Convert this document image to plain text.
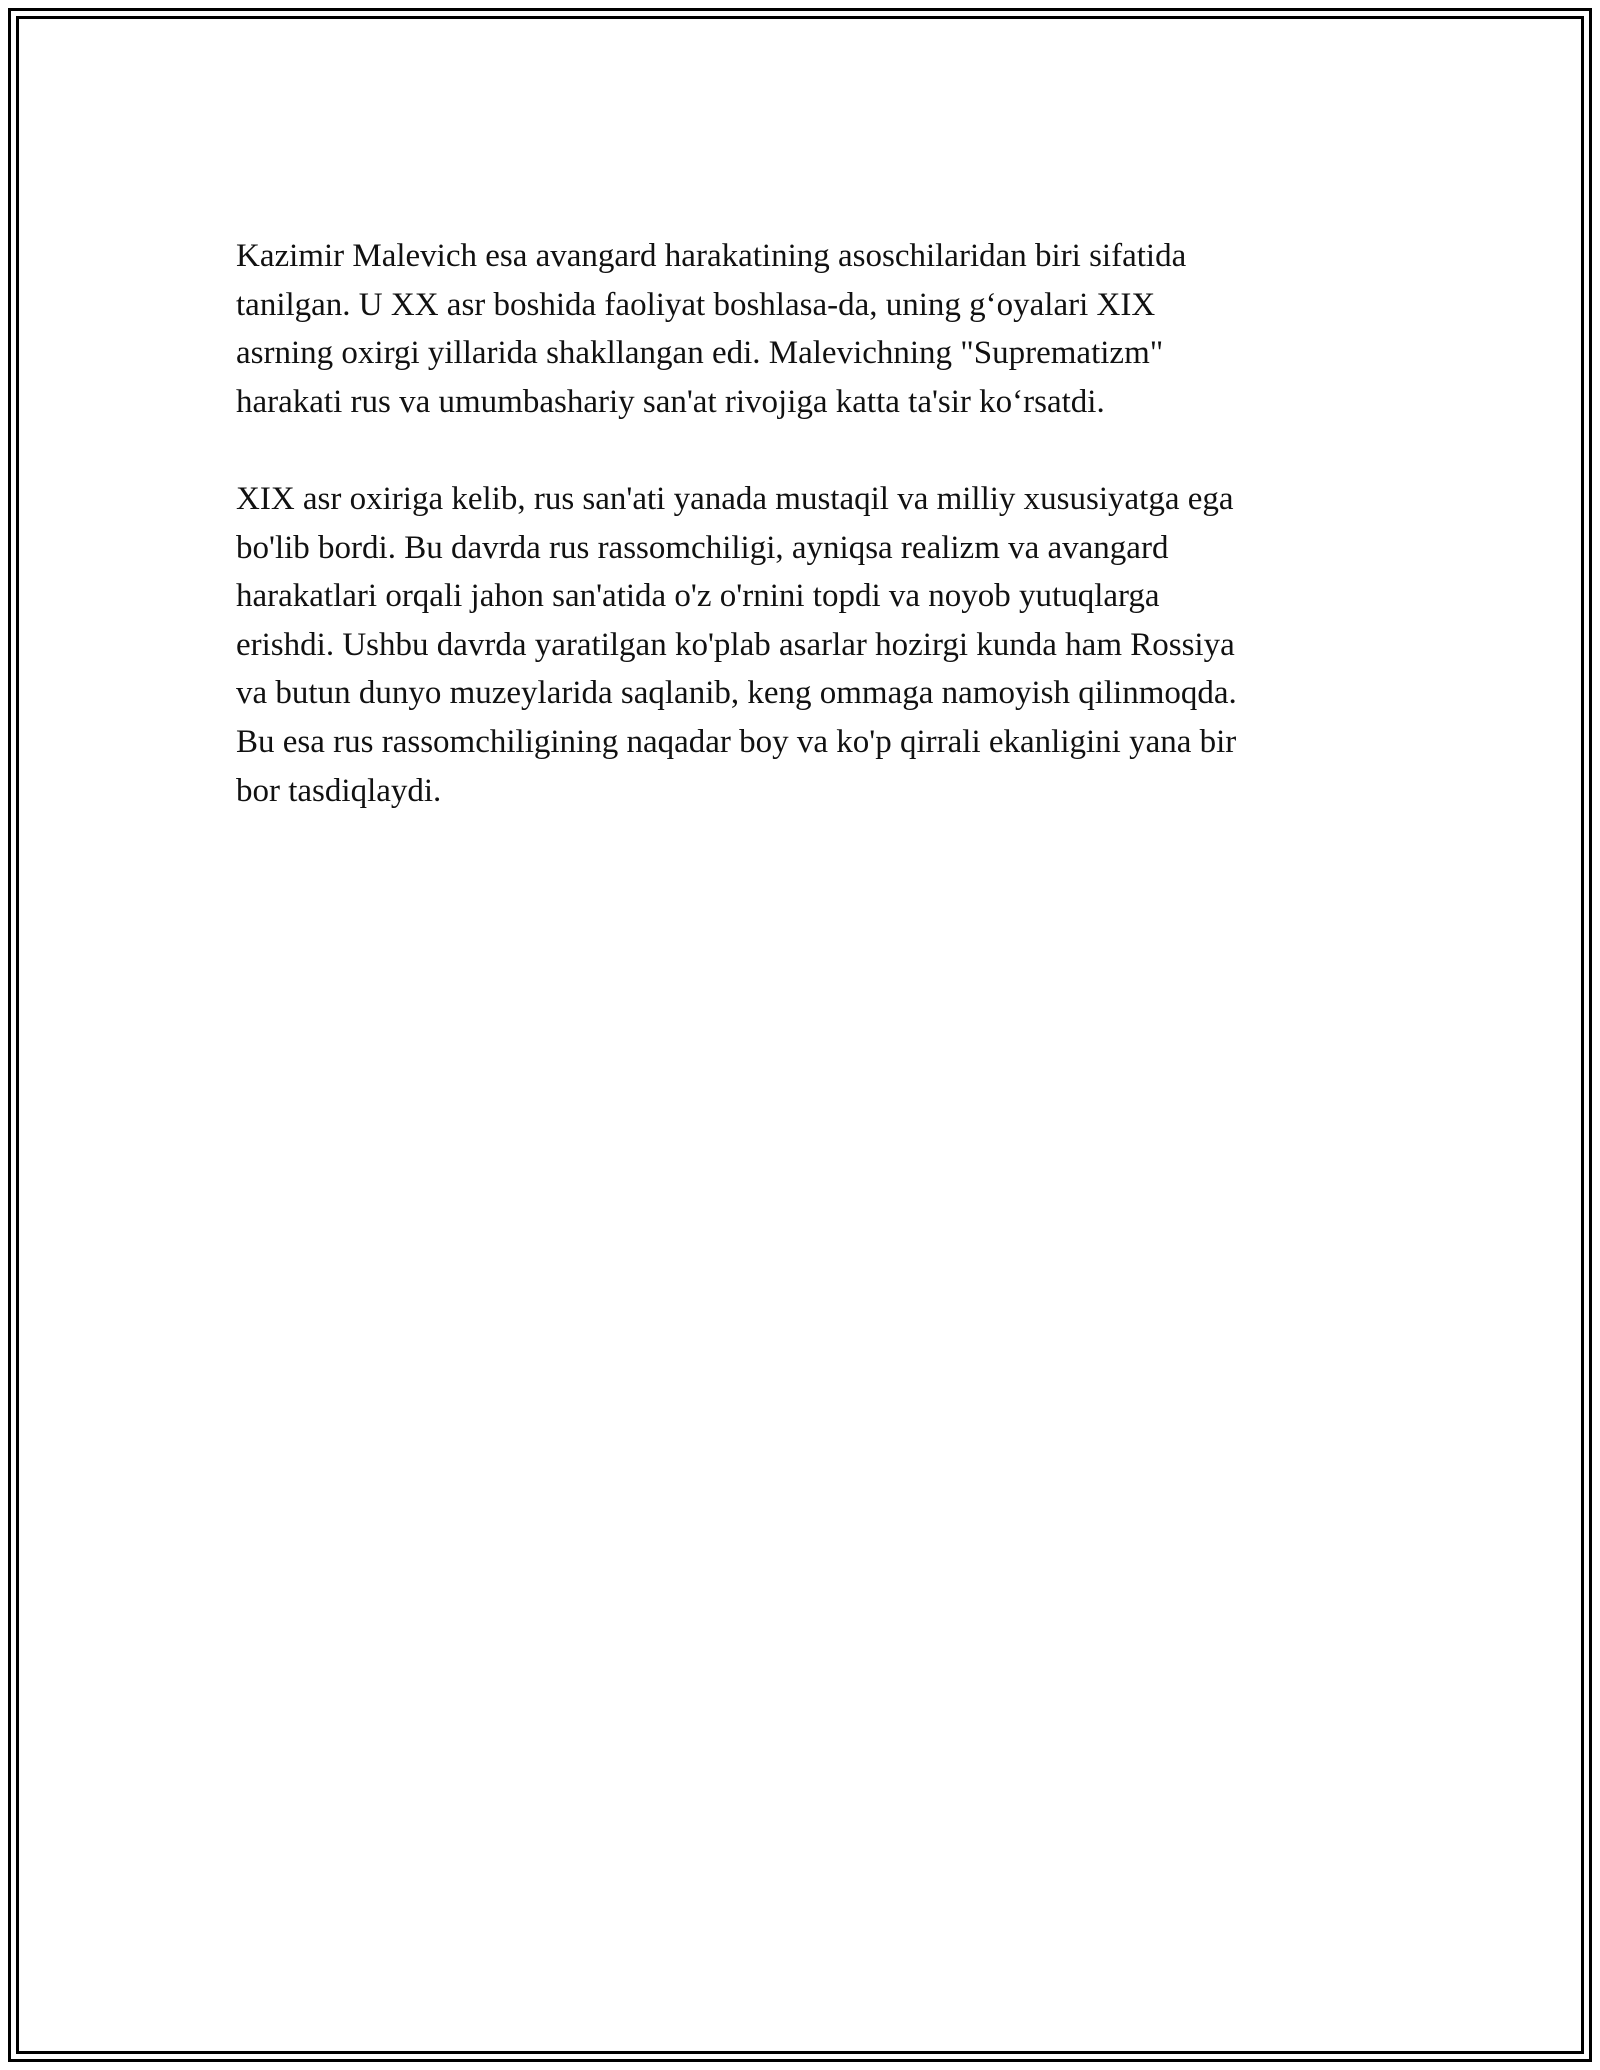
Kazimir Malevich esa avangard harakatining asoschilaridan biri sifatida
tanilgan. U XX asr boshida faoliyat boshlasa-da, uning g‘oyalari XIX
asrning oxirgi yillarida shakllangan edi. Malevichning "Suprematizm"
harakati rus va umumbashariy san'at rivojiga katta ta'sir ko‘rsatdi.

XIX asr oxiriga kelib, rus san'ati yanada mustaqil va milliy xususiyatga ega
bo'lib bordi. Bu davrda rus rassomchiligi, ayniqsa realizm va avangard
harakatlari orqali jahon san'atida o'z o'rnini topdi va noyob yutuqlarga
erishdi. Ushbu davrda yaratilgan ko'plab asarlar hozirgi kunda ham Rossiya
va butun dunyo muzeylarida saqlanib, keng ommaga namoyish qilinmoqda.
Bu esa rus rassomchiligining naqadar boy va ko'p qirrali ekanligini yana bir
bor tasdiqlaydi.
